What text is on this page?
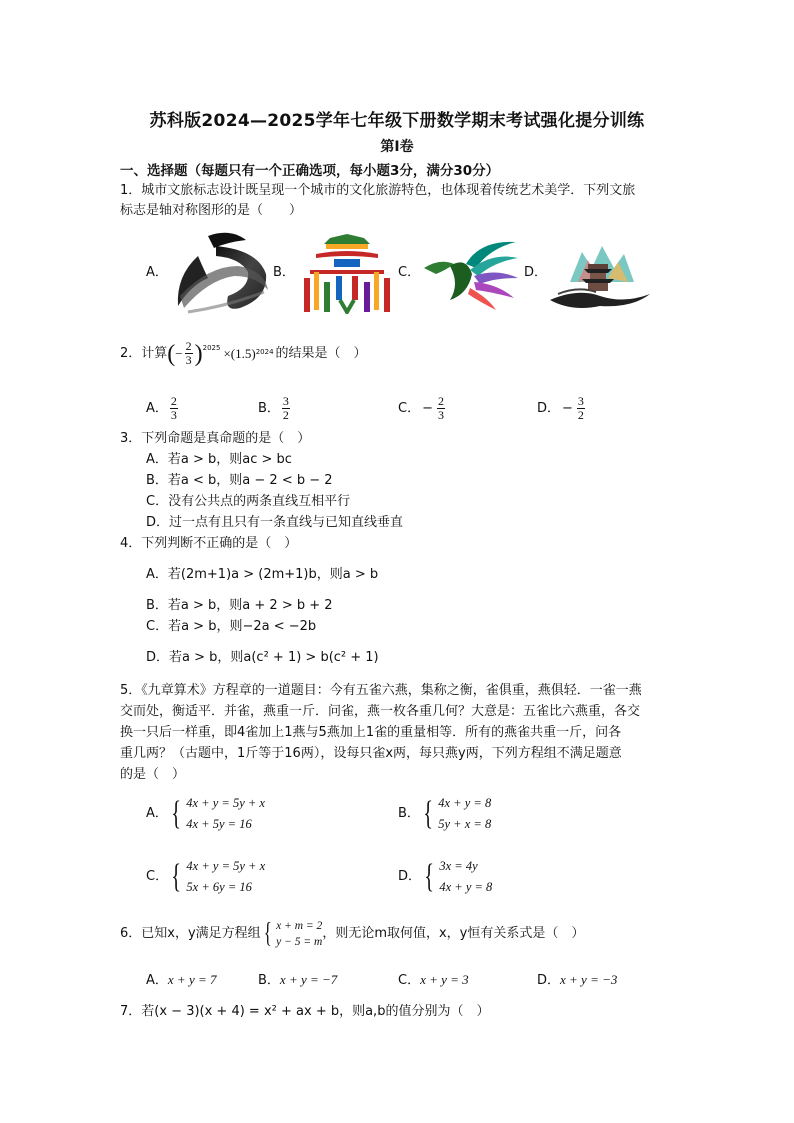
苏科版2024—2025学年七年级下册数学期末考试强化提分训练
第Ⅰ卷
一、选择题（每题只有一个正确选项，每小题3分，满分30分）
1．城市文旅标志设计既呈现一个城市的文化旅游特色，也体现着传统艺术美学．下列文旅
标志是轴对称图形的是（　　）
A．	B．	C．	D．
2．计算 ( − $\frac{2}{3} )^{2025} \times(1.5)$ 2024 的结果是（　）
A． $\frac{2}{3}$	B． $\frac{3}{2}$	C． − $\frac{2}{3}$	D． − $\frac{3}{2}$
3．下列命题是真命题的是（　）
A．若a > b，则ac > bc
B．若a < b，则a − 2 < b − 2
C．没有公共点的两条直线互相平行
D．过一点有且只有一条直线与已知直线垂直
4．下列判断不正确的是（　）
A．若(2m+1)a > (2m+1)b，则a > b
B．若a > b，则a + 2 > b + 2
C．若a > b，则−2a < −2b
D．若a > b，则a(c² + 1) > b(c² + 1)
5．《九章算术》方程章的一道题目：今有五雀六燕，集称之衡，雀俱重，燕俱轻．一雀一燕
交而处，衡适平．并雀，燕重一斤．问雀，燕一枚各重几何？大意是：五雀比六燕重，各交
换一只后一样重，即4雀加上1燕与5燕加上1雀的重量相等．所有的燕雀共重一斤，问各
重几两？（古题中，1斤等于16两），设每只雀x两，每只燕y两，下列方程组不满足题意
的是（　）
A． { 4x + y = 5y + x
4x + 5y = 16
B． { 4x + y = 8
5y + x = 8
C． { 4x + y = 5y + x
5x + 6y = 16
D． { 3x = 4y
4x + y = 8
6．已知x，y满足方程组 { x + m = 2
y − 5 = m
，则无论m取何值，x，y恒有关系式是（　）
A．x + y = 7	B．x + y = −7	C．x + y = 3	D．x + y = −3
7．若(x − 3)(x + 4) = x² + ax + b，则a,b的值分别为（　）
